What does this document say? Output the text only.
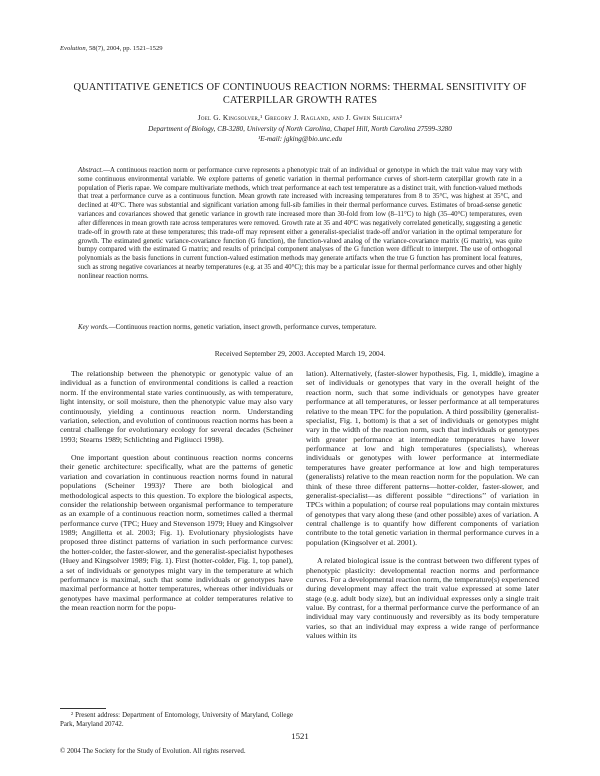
Evolution, 58(7), 2004, pp. 1521–1529
QUANTITATIVE GENETICS OF CONTINUOUS REACTION NORMS: THERMAL SENSITIVITY OF CATERPILLAR GROWTH RATES
Joel G. Kingsolver,¹ Gregory J. Ragland, and J. Gwen Shlichta²
Department of Biology, CB-3280, University of North Carolina, Chapel Hill, North Carolina 27599-3280
¹E-mail: jgking@bio.unc.edu

Abstract.—A continuous reaction norm or performance curve represents a phenotypic trait of an individual or genotype in which the trait value may vary with some continuous environmental variable. We explore patterns of genetic variation in thermal performance curves of short-term caterpillar growth rate in a population of Pieris rapae. We compare multivariate methods, which treat performance at each test temperature as a distinct trait, with function-valued methods that treat a performance curve as a continuous function. Mean growth rate increased with increasing temperatures from 8 to 35°C, was highest at 35°C, and declined at 40°C. There was substantial and significant variation among full-sib families in their thermal performance curves. Estimates of broad-sense genetic variances and covariances showed that genetic variance in growth rate increased more than 30-fold from low (8–11°C) to high (35–40°C) temperatures, even after differences in mean growth rate across temperatures were removed. Growth rate at 35 and 40°C was negatively correlated genetically, suggesting a genetic trade-off in growth rate at these temperatures; this trade-off may represent either a generalist-specialist trade-off and/or variation in the optimal temperature for growth. The estimated genetic variance-covariance function (G function), the function-valued analog of the variance-covariance matrix (G matrix), was quite bumpy compared with the estimated G matrix; and results of principal component analyses of the G function were difficult to interpret. The use of orthogonal polynomials as the basis functions in current function-valued estimation methods may generate artifacts when the true G function has prominent local features, such as strong negative covariances at nearby temperatures (e.g. at 35 and 40°C); this may be a particular issue for thermal performance curves and other highly nonlinear reaction norms.

Key words.—Continuous reaction norms, genetic variation, insect growth, performance curves, temperature.

Received September 29, 2003. Accepted March 19, 2004.

The relationship between the phenotypic or genotypic value of an individual as a function of environmental conditions is called a reaction norm. If the environmental state varies continuously, as with temperature, light intensity, or soil moisture, then the phenotypic value may also vary continuously, yielding a continuous reaction norm. Understanding variation, selection, and evolution of continuous reaction norms has been a central challenge for evolutionary ecology for several decades (Scheiner 1993; Stearns 1989; Schlichting and Pigliucci 1998).

One important question about continuous reaction norms concerns their genetic architecture: specifically, what are the patterns of genetic variation and covariation in continuous reaction norms found in natural populations (Scheiner 1993)? There are both biological and methodological aspects to this question. To explore the biological aspects, consider the relationship between organismal performance to temperature as an example of a continuous reaction norm, sometimes called a thermal performance curve (TPC; Huey and Stevenson 1979; Huey and Kingsolver 1989; Angilletta et al. 2003; Fig. 1). Evolutionary physiologists have proposed three distinct patterns of variation in such performance curves: the hotter-colder, the faster-slower, and the generalist-specialist hypotheses (Huey and Kingsolver 1989; Fig. 1). First (hotter-colder, Fig. 1, top panel), a set of individuals or genotypes might vary in the temperature at which performance is maximal, such that some individuals or genotypes have maximal performance at hotter temperatures, whereas other individuals or genotypes have maximal performance at colder temperatures relative to the mean reaction norm for the popu-

lation). Alternatively, (faster-slower hypothesis, Fig. 1, middle), imagine a set of individuals or genotypes that vary in the overall height of the reaction norm, such that some individuals or genotypes have greater performance at all temperatures, or lesser performance at all temperatures relative to the mean TPC for the population. A third possibility (generalist-specialist, Fig. 1, bottom) is that a set of individuals or genotypes might vary in the width of the reaction norm, such that individuals or genotypes with greater performance at intermediate temperatures have lower performance at low and high temperatures (specialists), whereas individuals or genotypes with lower performance at intermediate temperatures have greater performance at low and high temperatures (generalists) relative to the mean reaction norm for the population. We can think of these three different patterns—hotter-colder, faster-slower, and generalist-specialist—as different possible ‘‘directions’’ of variation in TPCs within a population; of course real populations may contain mixtures of genotypes that vary along these (and other possible) axes of variation. A central challenge is to quantify how different components of variation contribute to the total genetic variation in thermal performance curves in a population (Kingsolver et al. 2001).

A related biological issue is the contrast between two different types of phenotypic plasticity: developmental reaction norms and performance curves. For a developmental reaction norm, the temperature(s) experienced during development may affect the trait value expressed at some later stage (e.g. adult body size), but an individual expresses only a single trait value. By contrast, for a thermal performance curve the performance of an individual may vary continuously and reversibly as its body temperature varies, so that an individual may express a wide range of performance values within its

² Present address: Department of Entomology, University of Maryland, College Park, Maryland 20742.

1521
© 2004 The Society for the Study of Evolution. All rights reserved.
